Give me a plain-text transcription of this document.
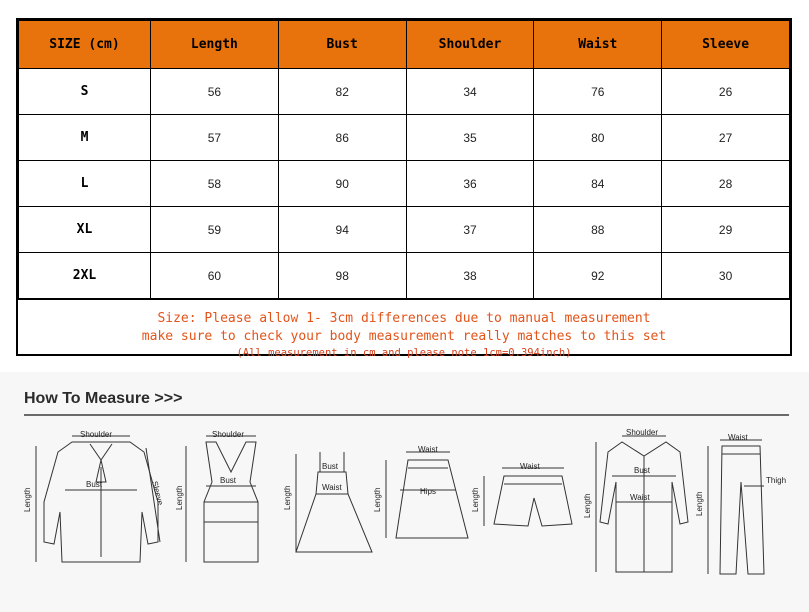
SIZE (cm)	Length	Bust	Shoulder	Waist	Sleeve
S	56	82	34	76	26
M	57	86	35	80	27
L	58	90	36	84	28
XL	59	94	37	88	29
2XL	60	98	38	92	30
Size: Please allow 1- 3cm differences due to manual measurement
make sure to check your body measurement really matches to this set
(All measurement in cm and please note 1cm=0.394inch)
How To Measure >>>
Shoulder
Bust
Length	Sleeve
Shoulder
Bust
Length
Bust
Waist
Length
Waist
Hips
Length
Waist
Length
Shoulder
Bust
Waist
Length
Waist
Thigh
Length
